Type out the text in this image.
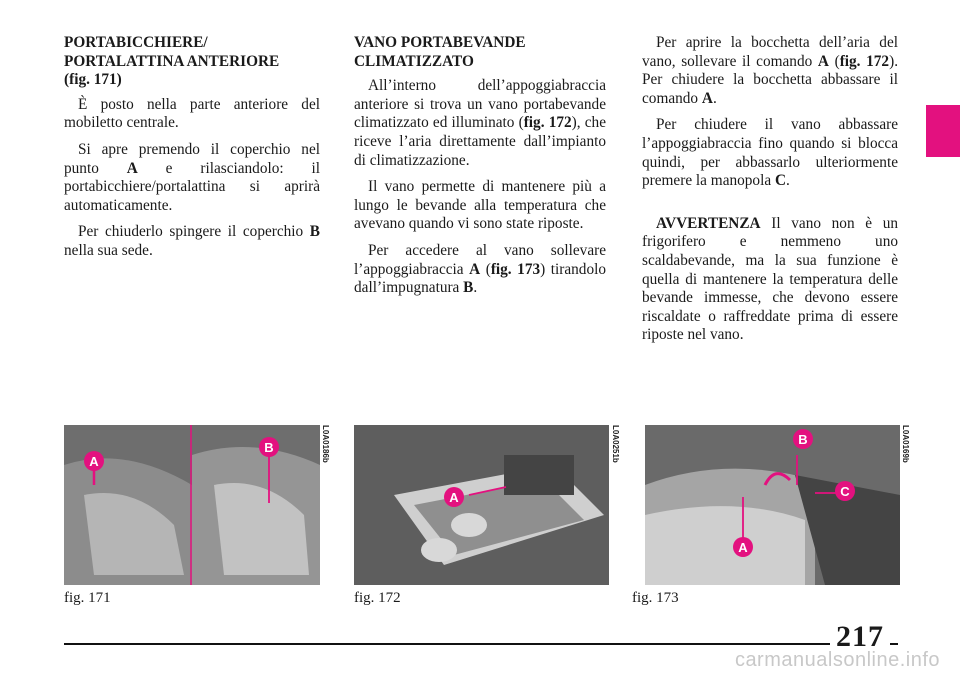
PORTABICCHIERE/
PORTALATTINA ANTERIORE
(fig. 171)

È posto nella parte anteriore del mobiletto centrale.

Si apre premendo il coperchio nel punto A e rilasciandolo: il portabicchiere/portalattina si aprirà automaticamente.

Per chiuderlo spingere il coperchio B nella sua sede.

VANO PORTABEVANDE
CLIMATIZZATO

All’interno dell’appoggiabraccia anteriore si trova un vano portabevande climatizzato ed illuminato (fig. 172), che riceve l’aria direttamente dall’impianto di climatizzazione.

Il vano permette di mantenere più a lungo le bevande alla temperatura che avevano quando vi sono state riposte.

Per accedere al vano sollevare l’appoggiabraccia A (fig. 173) tirandolo dall’impugnatura B.

Per aprire la bocchetta dell’aria del vano, sollevare il comando A (fig. 172). Per chiudere la bocchetta abbassare il comando A.

Per chiudere il vano abbassare l’appoggiabraccia fino quando si blocca quindi, per abbassarlo ulteriormente premere la manopola C.

AVVERTENZA Il vano non è un frigorifero e nemmeno uno scaldabevande, ma la sua funzione è quella di mantenere la temperatura delle bevande immesse, che devono essere riscaldate o raffreddate prima di essere riposte nel vano.

A
B	L0A0186b
fig. 171
A
L0A0251b
fig. 172
B
C
A
L0A0169b
fig. 173
217
carmanualsonline.info
